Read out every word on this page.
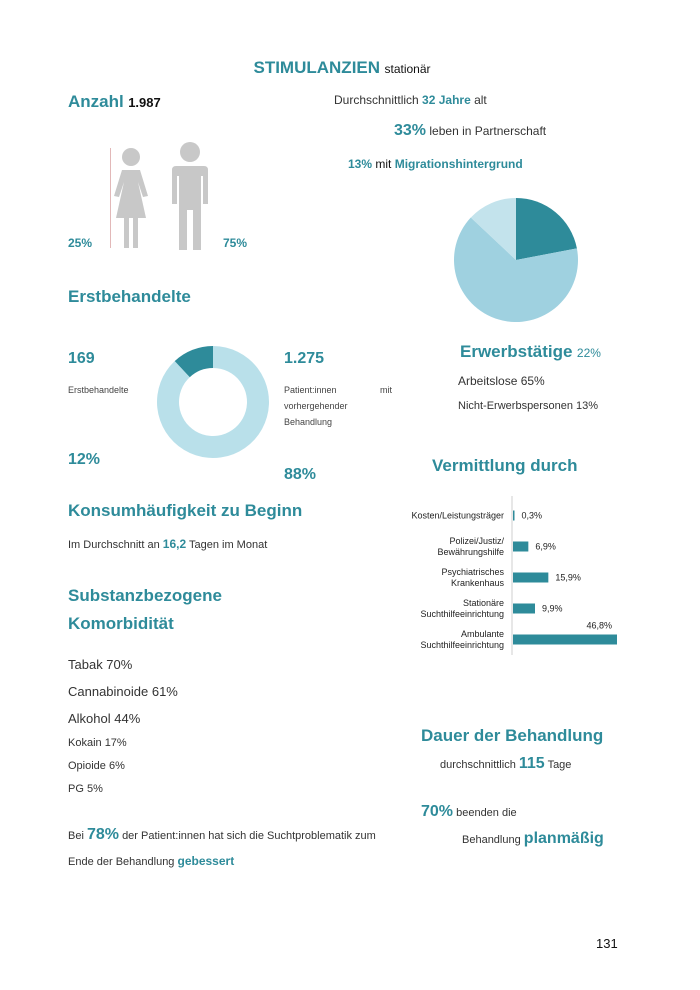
STIMULANZIEN stationär
Anzahl 1.987
25%	75%
Durchschnittlich 32 Jahre alt
33% leben in Partnerschaft
13% mit Migrationshintergrund
Erwerbstätige 22%
Arbeitslose 65%
Nicht-Erwerbspersonen 13%
Erstbehandelte
169
Erstbehandelte
12%
1.275
Patient:innen	mit
vorhergehender
Behandlung
88%
Konsumhäufigkeit zu Beginn
Im Durchschnitt an 16,2 Tagen im Monat
Substanzbezogene
Komorbidität
Tabak 70%
Cannabinoide 61%
Alkohol 44%
Kokain 17%
Opioide 6%
PG 5%
Bei 78% der Patient:innen hat sich die Suchtproblematik zum
Ende der Behandlung gebessert
Vermittlung durch
Kosten/Leistungsträger 0,3%
Polizei/Justiz/ Bewährungshilfe
6,9%
Psychiatrisches Krankenhaus
15,9%
Stationäre Suchthilfeeinrichtung
9,9%
Ambulante Suchthilfeeinrichtung
46,8%
Dauer der Behandlung
durchschnittlich 115 Tage
70% beenden die
Behandlung planmäßig
131
